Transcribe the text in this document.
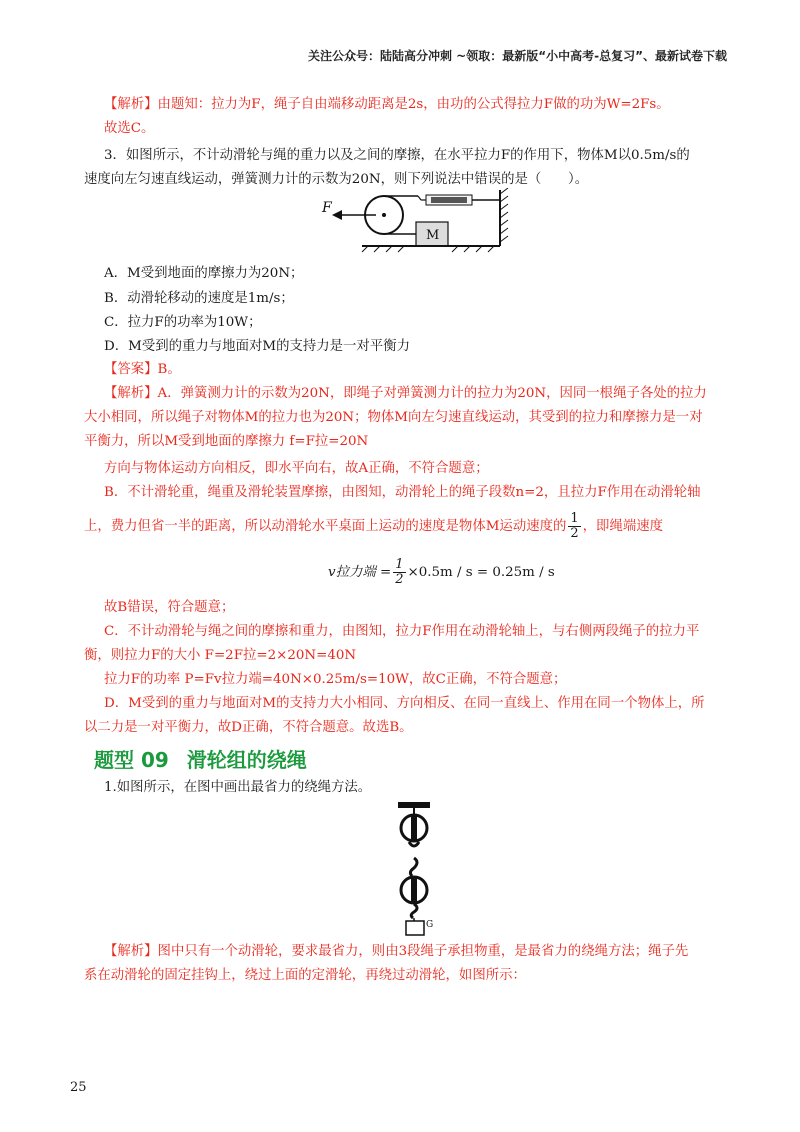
关注公众号：陆陆高分冲刺 ~领取：最新版“小中高考-总复习”、最新试卷下载
【解析】由题知：拉力为F，绳子自由端移动距离是2s，由功的公式得拉力F做的功为W=2Fs。
故选C。
3．如图所示，不计动滑轮与绳的重力以及之间的摩擦，在水平拉力F的作用下，物体M以0.5m/s的
速度向左匀速直线运动，弹簧测力计的示数为20N，则下列说法中错误的是（　　）。
F
M
A．M受到地面的摩擦力为20N；
B．动滑轮移动的速度是1m/s；
C．拉力F的功率为10W；
D．M受到的重力与地面对M的支持力是一对平衡力
【答案】B。
【解析】A．弹簧测力计的示数为20N，即绳子对弹簧测力计的拉力为20N，因同一根绳子各处的拉力
大小相同，所以绳子对物体M的拉力也为20N；物体M向左匀速直线运动，其受到的拉力和摩擦力是一对
平衡力，所以M受到地面的摩擦力 f=F拉=20N
方向与物体运动方向相反，即水平向右，故A正确，不符合题意；
B．不计滑轮重，绳重及滑轮装置摩擦，由图知，动滑轮上的绳子段数n=2，且拉力F作用在动滑轮轴
上，费力但省一半的距离，所以动滑轮水平桌面上运动的速度是物体M运动速度的 $\frac{1}{2}$ ，即绳端速度
v拉力端 = $\frac{1}{2} \times 0.5m / s = 0.25m / s$
故B错误，符合题意；
C．不计动滑轮与绳之间的摩擦和重力，由图知，拉力F作用在动滑轮轴上，与右侧两段绳子的拉力平
衡，则拉力F的大小 F=2F拉=2×20N=40N
拉力F的功率 P=Fv拉力端=40N×0.25m/s=10W，故C正确，不符合题意；
D．M受到的重力与地面对M的支持力大小相同、方向相反、在同一直线上、作用在同一个物体上，所
以二力是一对平衡力，故D正确，不符合题意。故选B。
题型 09 滑轮组的绕绳
1.如图所示，在图中画出最省力的绕绳方法。
G
【解析】图中只有一个动滑轮，要求最省力，则由3段绳子承担物重，是最省力的绕绳方法；绳子先
系在动滑轮的固定挂钩上，绕过上面的定滑轮，再绕过动滑轮，如图所示：
25
